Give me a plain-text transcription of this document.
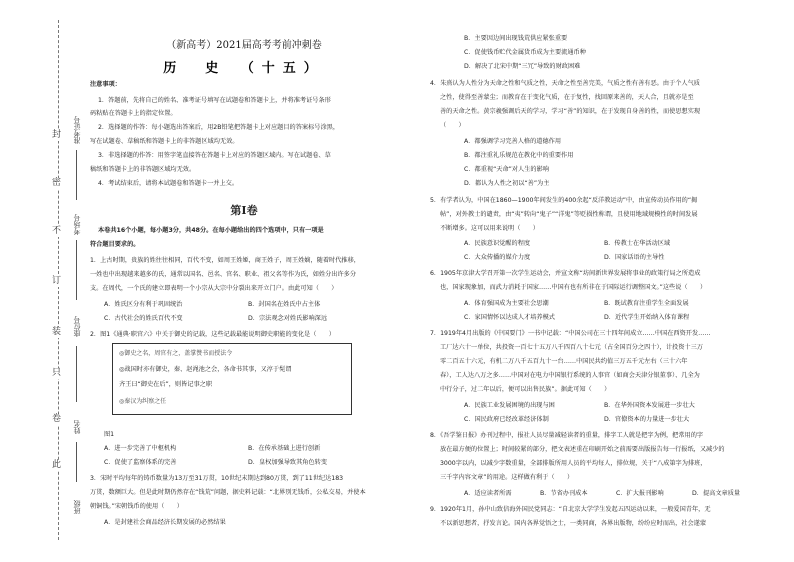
封
密
不
订
装
只
卷
此
准考证号
考场号
座位号
姓名
班级
（新高考）2021届高考考前冲刺卷
历　史　（十五）
注意事项：
1．答题前，先将自己的姓名、准考证号填写在试题卷和答题卡上，并将准考证号条形
码粘贴在答题卡上的指定位置。
2．选择题的作答：每小题选出答案后，用2B铅笔把答题卡上对应题目的答案标号涂黑，
写在试题卷、草稿纸和答题卡上的非答题区域均无效。
3．非选择题的作答：用签字笔直接答在答题卡上对应的答题区域内。写在试题卷、草
稿纸和答题卡上的非答题区域均无效。
4．考试结束后，请将本试题卷和答题卡一并上交。
本卷共16个小题，每小题3分，共48分。在每小题给出的四个选项中，只有一项是
符合题目要求的。
1．上古时期，贵族的姓往往相同，百代不变，如周王姓姬，商王姓子，周王姓嫡，随着时代推移，
一姓也中出现越来越多的氏，通常以国名、邑名、官名、职业、祖父名等作为氏，如姓分出许多分
支。在周代，一个氏的建立即表明一个小宗从大宗中分裂出来开立门户。由此可知（　　）
A．姓氏区分有利于巩固统治	B．封国名在姓氏中占主体
C．古代社会的姓氏百代不变	D．宗法观念对姓氏影响深远
2．图1《通典·职官六》中关于御史的记载，这些记载最能说明御史职能的变化是（　　）
图1
A．进一步完善了中枢机构	B．在传承基础上进行创新
C．促使了监察体系的完善	D．皇权加强导致其角色转变
3．宋时平均每年的铸币数量为13万至31万贯，10世纪末期达到80万贯，到了11世纪达183
万贯，数额巨大。但是此时期仍然存在“钱荒”问题，据史料记载：“北界别无钱币，公私交易，并使本
朝铜钱。”宋朝钱币的使用（　　）
A．是封建社会商品经济长期发展的必然结果
第Ⅰ卷
◎御史之名，周官有之，盖掌赞书而授法令
◎战国时亦有御史，秦、赵渑池之会，各命书其事，又淳于髡谓
齐王曰“御史在后”，则皆记事之职
◎秦汉为纠察之任
B．主要因边间出现钱荒供应紧张重要
C．促使钱币贮代金属货币成为主要流通币种
D．解决了北宋中期“三冗”导致的财政困难
4．朱熹认为人性分为天命之性和气质之性，天命之性至善完美，气质之性有善有恶。由于个人气质
之性，使得至善蒙尘；而教育在于变化气质，在于复性，找回原来善的，天人合，且就亦是至
善的天命之性。黄宗羲强调后天的学习，学习“善”的知识，在于发现自身善的性，而使思想实现
（　　）
A．都强调学习完善人格的道德作用
B．都注重礼乐规范在教化中的重要作用
C．都重视“天命”对人生的影响
D．都认为人性之初以“善”为主
5．有学者认为，中国在1860—1900年间发生的400余起“反洋教运动”中，由宣传动员作用的“揭
帖”，对外教士的谴责，由“夷”转向“鬼子”“洋鬼”等贬损性称谓，且使用地域规模性的时间发展
不断增多。这可以用来说明（　　）
A．民族意识觉醒的程度	B．传教士在华活动区域
C．大众传播的媒介力度	D．国家话语的主导性
6．1905年京津大学召开第一次学生运动会，并宣文称“坊间新世界发展将事业的政策行局之所造成
也，国家现象加，而武力消耗于国家……中国有也有所非在于国际运行调整国文。”这些说（　　）
A．体育强国成为主要社会思潮	B．既试教育注重学生全面发展
C．家国情怀以达成人才培养模式	D．近代学生开始纳入体育课程
7．1919年4月出版的《中国要门》一书中记载：“中国公司在三十四年间成立……中国在西资开发……
工厂达六十一单位，共投资一百七十五万八千四百八十七元（占全国百分之四十），计投资十三万
零二百五十六元，有机二万八千五百九十一台……中国民共约值三万五千元左右（三十六年
春），工人达八万之多……中国对在电力中国银行系统的人事官（如商会天津分银董事）、几全为
中行分子，过二年以后，便可以出售民族”。据此可知（　　）
A．民族工业发展困境的出现与困	B．在华外国资本发展进一步壮大
C．国民政府已经改革经济体制	D．官僚资本的力量进一步壮大
8．《吾学鉴日报》办刊过程中，报社人员尽量减轻读者的重量，排字工人就是把字为例，把常用的字
放在最方便的位置上；时间较紧的部分，把文表述重在印刷开始之前需要出版报告每一行报纸，又减少的
3000字以内，以减少字数重量，全部排版所用人员的平均每人，排位规，关于“八成第字为排班，
三千字内容文章”的用途。这样做有利于（　　）
A．适应读者所需	B．节省办刊成本	C．扩大报刊影响	D．提高文章质量
9．1920年1月，孙中山致信海外国民党同志：“自北京大学学生发起五四运动以来，一般爱国青年，无
不以新思想者，抒发言论。国内各界觉悟之士，一类同商，各界出版物，纷纷应时而出，社会遂蒙
